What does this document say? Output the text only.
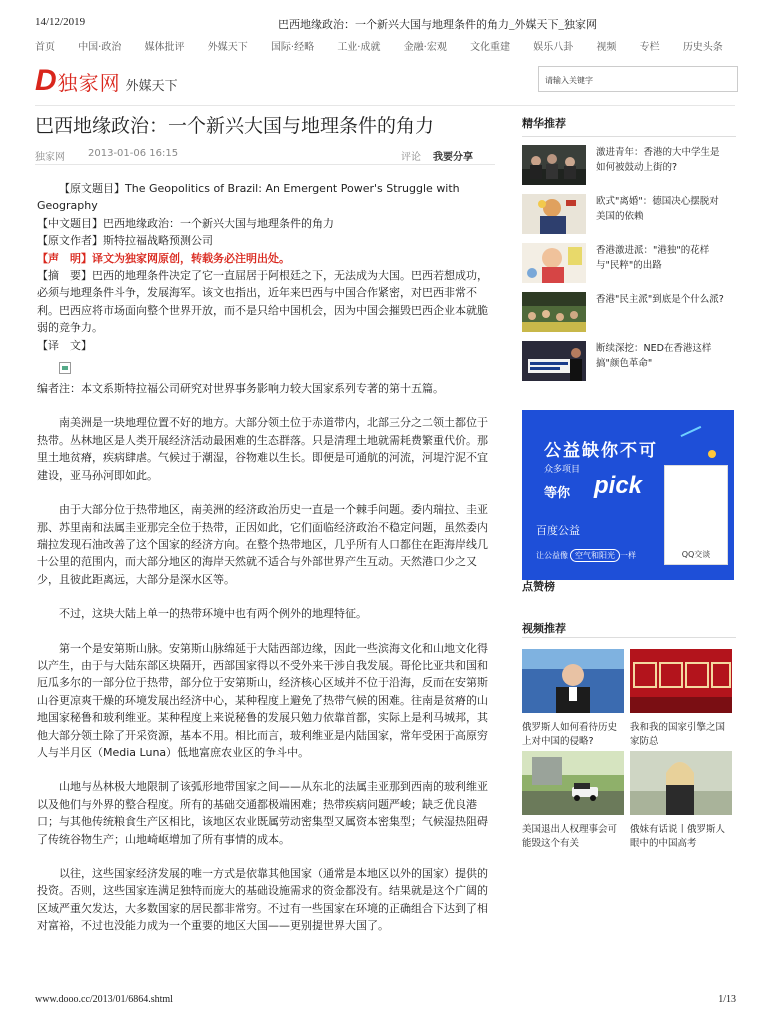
14/12/2019	巴西地缘政治：一个新兴大国与地理条件的角力_外媒天下_独家网
首页 中国·政治 媒体批评 外媒天下 国际·经略 工业·成就 金融·宏观 文化重建 娱乐八卦 视频 专栏 历史头条
D 独家网 外媒天下	请输入关键字
巴西地缘政治：一个新兴大国与地理条件的角力
独家网 2013-01-06 16:15	评论 我要分享

【原文题目】The Geopolitics of Brazil: An Emergent Power's Struggle with Geography

【中文题目】巴西地缘政治：一个新兴大国与地理条件的角力

【原文作者】斯特拉福战略预测公司

【声　明】译文为独家网原创，转载务必注明出处。

【摘　要】巴西的地理条件决定了它一直屈居于阿根廷之下，无法成为大国。巴西若想成功，必须与地理条件斗争，发展海军。该文也指出，近年来巴西与中国合作紧密，对巴西非常不利。巴西应将市场面向整个世界开放，而不是只给中国机会，因为中国会摧毁巴西企业本就脆弱的竞争力。

【译　文】

编者注：本文系斯特拉福公司研究对世界事务影响力较大国家系列专著的第十五篇。

南美洲是一块地理位置不好的地方。大部分领土位于赤道带内，北部三分之二领土都位于热带。丛林地区是人类开展经济活动最困难的生态群落。只是清理土地就需耗费繁重代价。那里土地贫瘠，疾病肆虐。气候过于潮湿，谷物难以生长。即便是可通航的河流，河堤泞泥不宜建设，亚马孙河即如此。

由于大部分位于热带地区，南美洲的经济政治历史一直是一个棘手问题。委内瑞拉、圭亚那、苏里南和法属圭亚那完全位于热带，正因如此，它们面临经济政治不稳定问题，虽然委内瑞拉发现石油改善了这个国家的经济方向。在整个热带地区，几乎所有人口都住在距海岸线几十公里的范围内，而大部分地区的海岸天然就不适合与外部世界产生互动。天然港口少之又少，且彼此距离远，大部分是深水区等。

不过，这块大陆上单一的热带环境中也有两个例外的地理特征。

第一个是安第斯山脉。安第斯山脉绵延于大陆西部边缘，因此一些滨海文化和山地文化得以产生，由于与大陆东部区块隔开，西部国家得以不受外来干涉自我发展。哥伦比亚共和国和厄瓜多尔的一部分位于热带，部分位于安第斯山，经济核心区域并不位于沿海，反而在安第斯山谷更凉爽干燥的环境发展出经济中心，某种程度上避免了热带气候的困难。往南是贫瘠的山地国家秘鲁和玻利维亚。某种程度上来说秘鲁的发展只勉力依靠首都，实际上是利马城邦，其他大部分领土除了开采资源，基本不用。相比而言，玻利维亚是内陆国家，常年受困于高原穷人与半月区（Media Luna）低地富庶农业区的争斗中。

山地与丛林极大地限制了该弧形地带国家之间——从东北的法属圭亚那到西南的玻利维亚以及他们与外界的整合程度。所有的基础交通都极端困难；热带疾病问题严峻；缺乏优良港口；与其他传统粮食生产区相比，该地区农业既属劳动密集型又属资本密集型；气候湿热阻碍了传统谷物生产；山地崎岖增加了所有事情的成本。

以往，这些国家经济发展的唯一方式是依靠其他国家（通常是本地区以外的国家）提供的投资。否则，这些国家连满足独特而庞大的基础设施需求的资金都没有。结果就是这个广阔的区域严重欠发达，大多数国家的居民都非常穷。不过有一些国家在环境的正确组合下达到了相对富裕，不过也没能力成为一个重要的地区大国——更别提世界大国了。

精华推荐
激进青年：香港的大中学生是如何被鼓动上街的?
欧式"离婚"：德国决心摆脱对美国的依赖
香港激进派："港独"的花样与"民粹"的出路
香港"民主派"到底是个什么派?
断续深挖：NED在香港这样搞"颜色革命"
公益缺你不可
众多项目
等你 pick
百度公益
让公益像 空气和阳光 一样	QQ交谈
点赞榜
视频推荐
俄罗斯人如何看待历史上对中国的侵略?
我和我的国家引擎之国家防总
美国退出人权理事会可能毁这个有关
俄妹有话说丨俄罗斯人眼中的中国高考
www.dooo.cc/2013/01/6864.shtml	1/13
